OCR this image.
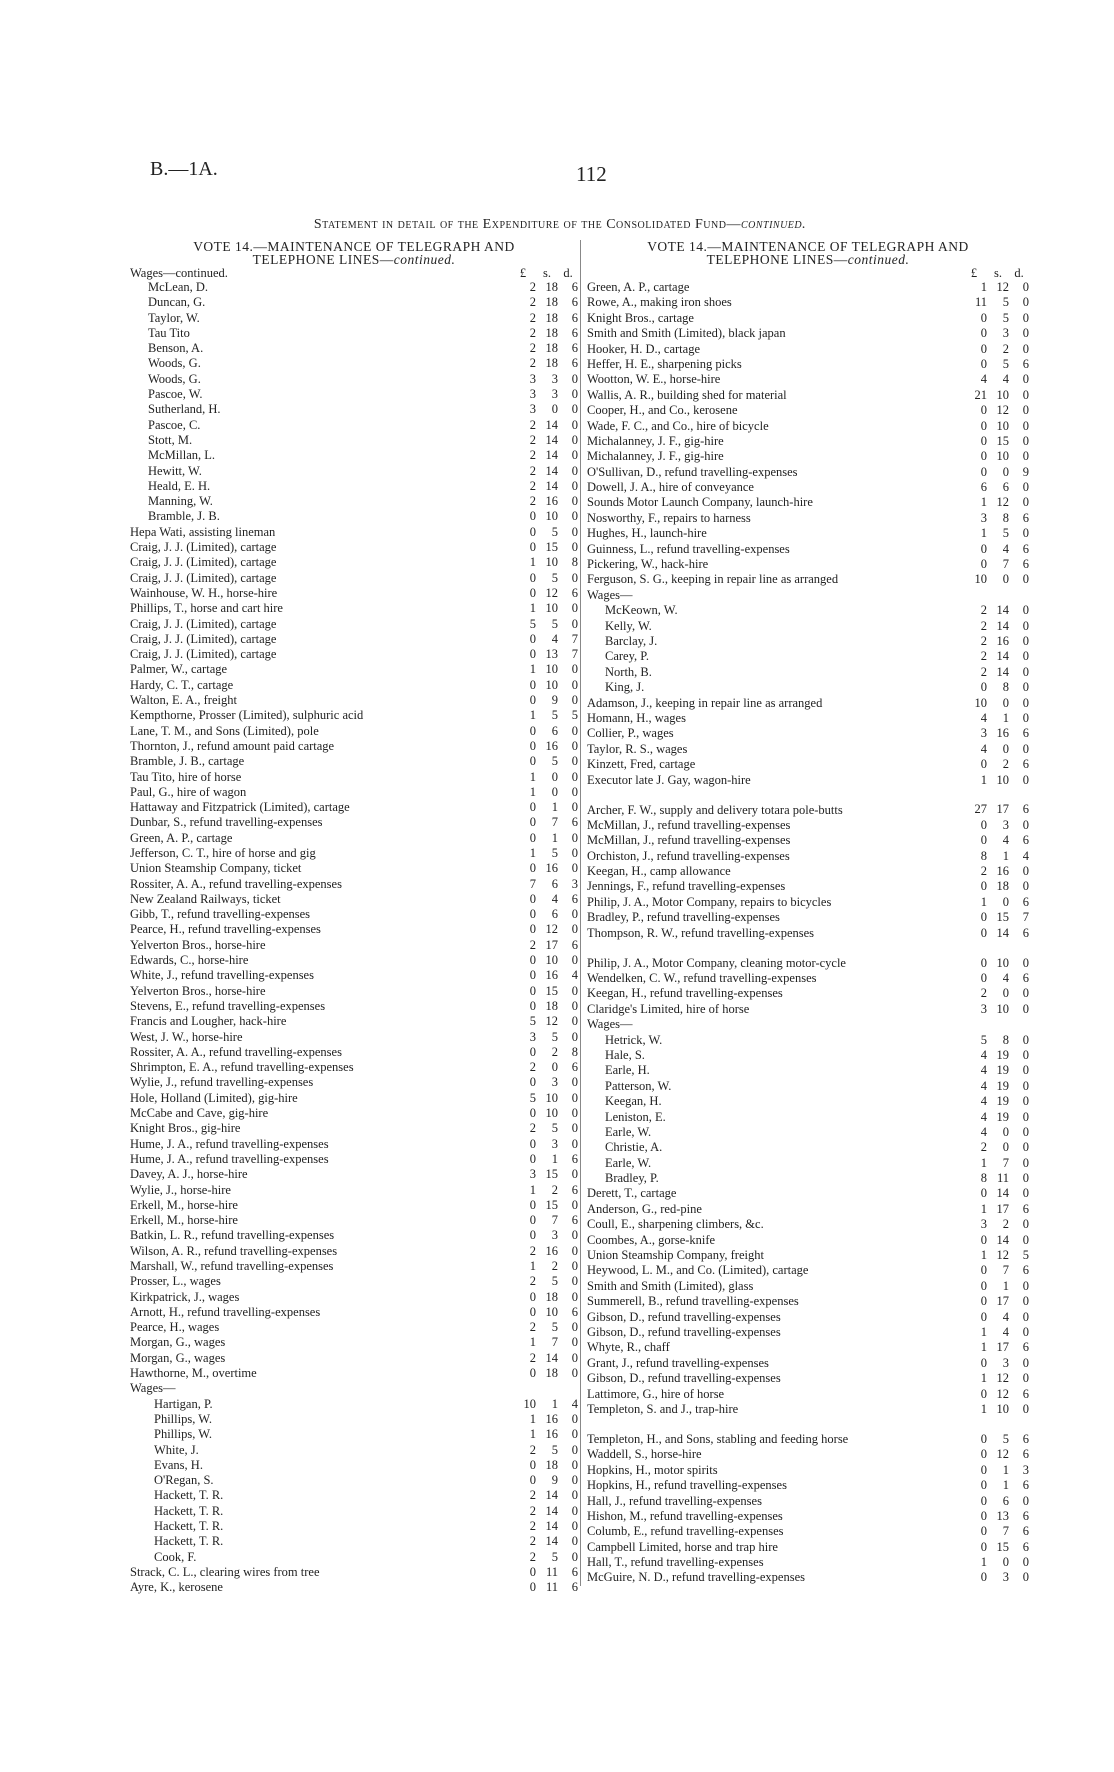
B.—1A.	112
Statement in detail of the Expenditure of the Consolidated Fund—continued.
VOTE 14.—MAINTENANCE OF TELEGRAPH AND
TELEPHONE LINES—continued.
Wages—continued.	£	s. d.
McLean, D.	2 18	6
Duncan, G.	2 18	6
Taylor, W.	2 18	6
Tau Tito	2 18	6
Benson, A.	2 18	6
Woods, G.	2 18	6
Woods, G.	3	3	0
Pascoe, W.	3	3	0
Sutherland, H.	3	0	0
Pascoe, C.	2 14	0
Stott, M.	2 14	0
McMillan, L.	2 14	0
Hewitt, W.	2 14	0
Heald, E. H.	2 14	0
Manning, W.	2 16	0
Bramble, J. B.	0 10	0
Hepa Wati, assisting lineman	0	5	0
Craig, J. J. (Limited), cartage	0 15	0
Craig, J. J. (Limited), cartage	1 10	8
Craig, J. J. (Limited), cartage	0	5	0
Wainhouse, W. H., horse-hire	0 12	6
Phillips, T., horse and cart hire	1 10	0
Craig, J. J. (Limited), cartage	5	5	0
Craig, J. J. (Limited), cartage	0	4	7
Craig, J. J. (Limited), cartage	0 13	7
Palmer, W., cartage	1 10	0
Hardy, C. T., cartage	0 10	0
Walton, E. A., freight	0	9	0
Kempthorne, Prosser (Limited), sulphuric acid	1	5	5
Lane, T. M., and Sons (Limited), pole	0	6	0
Thornton, J., refund amount paid cartage	0 16	0
Bramble, J. B., cartage	0	5	0
Tau Tito, hire of horse	1	0	0
Paul, G., hire of wagon	1	0	0
Hattaway and Fitzpatrick (Limited), cartage	0	1	0
Dunbar, S., refund travelling-expenses	0	7	6
Green, A. P., cartage	0	1	0
Jefferson, C. T., hire of horse and gig	1	5	0
Union Steamship Company, ticket	0 16	0
Rossiter, A. A., refund travelling-expenses	7	6	3
New Zealand Railways, ticket	0	4	6
Gibb, T., refund travelling-expenses	0	6	0
Pearce, H., refund travelling-expenses	0 12	0
Yelverton Bros., horse-hire	2 17	6
Edwards, C., horse-hire	0 10	0
White, J., refund travelling-expenses	0 16	4
Yelverton Bros., horse-hire	0 15	0
Stevens, E., refund travelling-expenses	0 18	0
Francis and Lougher, hack-hire	5 12	0
West, J. W., horse-hire	3	5	0
Rossiter, A. A., refund travelling-expenses	0	2	8
Shrimpton, E. A., refund travelling-expenses	2	0	6
Wylie, J., refund travelling-expenses	0	3	0
Hole, Holland (Limited), gig-hire	5 10	0
McCabe and Cave, gig-hire	0 10	0
Knight Bros., gig-hire	2	5	0
Hume, J. A., refund travelling-expenses	0	3	0
Hume, J. A., refund travelling-expenses	0	1	6
Davey, A. J., horse-hire	3 15	0
Wylie, J., horse-hire	1	2	6
Erkell, M., horse-hire	0 15	0
Erkell, M., horse-hire	0	7	6
Batkin, L. R., refund travelling-expenses	0	3	0
Wilson, A. R., refund travelling-expenses	2 16	0
Marshall, W., refund travelling-expenses	1	2	0
Prosser, L., wages	2	5	0
Kirkpatrick, J., wages	0 18	0
Arnott, H., refund travelling-expenses	0 10	6
Pearce, H., wages	2	5	0
Morgan, G., wages	1	7	0
Morgan, G., wages	2 14	0
Hawthorne, M., overtime	0 18	0
Wages—
Hartigan, P.	10	1	4
Phillips, W.	1 16	0
Phillips, W.	1 16	0
White, J.	2	5	0
Evans, H.	0 18	0
O'Regan, S.	0	9	0
Hackett, T. R.	2 14	0
Hackett, T. R.	2 14	0
Hackett, T. R.	2 14	0
Hackett, T. R.	2 14	0
Cook, F.	2	5	0
Strack, C. L., clearing wires from tree	0 11	6
Ayre, K., kerosene	0 11	6
VOTE 14.—MAINTENANCE OF TELEGRAPH AND
TELEPHONE LINES—continued.
£	s. d.
Green, A. P., cartage	1 12	0
Rowe, A., making iron shoes	11	5	0
Knight Bros., cartage	0	5	0
Smith and Smith (Limited), black japan	0	3	0
Hooker, H. D., cartage	0	2	0
Heffer, H. E., sharpening picks	0	5	6
Wootton, W. E., horse-hire	4	4	0
Wallis, A. R., building shed for material	21 10	0
Cooper, H., and Co., kerosene	0 12	0
Wade, F. C., and Co., hire of bicycle	0 10	0
Michalanney, J. F., gig-hire	0 15	0
Michalanney, J. F., gig-hire	0 10	0
O'Sullivan, D., refund travelling-expenses	0	0	9
Dowell, J. A., hire of conveyance	6	6	0
Sounds Motor Launch Company, launch-hire	1 12	0
Nosworthy, F., repairs to harness	3	8	6
Hughes, H., launch-hire	1	5	0
Guinness, L., refund travelling-expenses	0	4	6
Pickering, W., hack-hire	0	7	6
Ferguson, S. G., keeping in repair line as arranged	10	0	0
Wages—
McKeown, W.	2 14	0
Kelly, W.	2 14	0
Barclay, J.	2 16	0
Carey, P.	2 14	0
North, B.	2 14	0
King, J.	0	8	0
Adamson, J., keeping in repair line as arranged	10	0	0
Homann, H., wages	4	1	0
Collier, P., wages	3 16	6
Taylor, R. S., wages	4	0	0
Kinzett, Fred, cartage	0	2	6
Executor late J. Gay, wagon-hire	1 10	0
Archer, F. W., supply and delivery totara pole-butts	27 17	6
McMillan, J., refund travelling-expenses	0	3	0
McMillan, J., refund travelling-expenses	0	4	6
Orchiston, J., refund travelling-expenses	8	1	4
Keegan, H., camp allowance	2 16	0
Jennings, F., refund travelling-expenses	0 18	0
Philip, J. A., Motor Company, repairs to bicycles	1	0	6
Bradley, P., refund travelling-expenses	0 15	7
Thompson, R. W., refund travelling-expenses	0 14	6
Philip, J. A., Motor Company, cleaning motor-cycle	0 10	0
Wendelken, C. W., refund travelling-expenses	0	4	6
Keegan, H., refund travelling-expenses	2	0	0
Claridge's Limited, hire of horse	3 10	0
Wages—
Hetrick, W.	5	8	0
Hale, S.	4 19	0
Earle, H.	4 19	0
Patterson, W.	4 19	0
Keegan, H.	4 19	0
Leniston, E.	4 19	0
Earle, W.	4	0	0
Christie, A.	2	0	0
Earle, W.	1	7	0
Bradley, P.	8 11	0
Derett, T., cartage	0 14	0
Anderson, G., red-pine	1 17	6
Coull, E., sharpening climbers, &c.	3	2	0
Coombes, A., gorse-knife	0 14	0
Union Steamship Company, freight	1 12	5
Heywood, L. M., and Co. (Limited), cartage	0	7	6
Smith and Smith (Limited), glass	0	1	0
Summerell, B., refund travelling-expenses	0 17	0
Gibson, D., refund travelling-expenses	0	4	0
Gibson, D., refund travelling-expenses	1	4	0
Whyte, R., chaff	1 17	6
Grant, J., refund travelling-expenses	0	3	0
Gibson, D., refund travelling-expenses	1 12	0
Lattimore, G., hire of horse	0 12	6
Templeton, S. and J., trap-hire	1 10	0
Templeton, H., and Sons, stabling and feeding horse	0	5	6
Waddell, S., horse-hire	0 12	6
Hopkins, H., motor spirits	0	1	3
Hopkins, H., refund travelling-expenses	0	1	6
Hall, J., refund travelling-expenses	0	6	0
Hishon, M., refund travelling-expenses	0 13	6
Columb, E., refund travelling-expenses	0	7	6
Campbell Limited, horse and trap hire	0 15	6
Hall, T., refund travelling-expenses	1	0	0
McGuire, N. D., refund travelling-expenses	0	3	0
